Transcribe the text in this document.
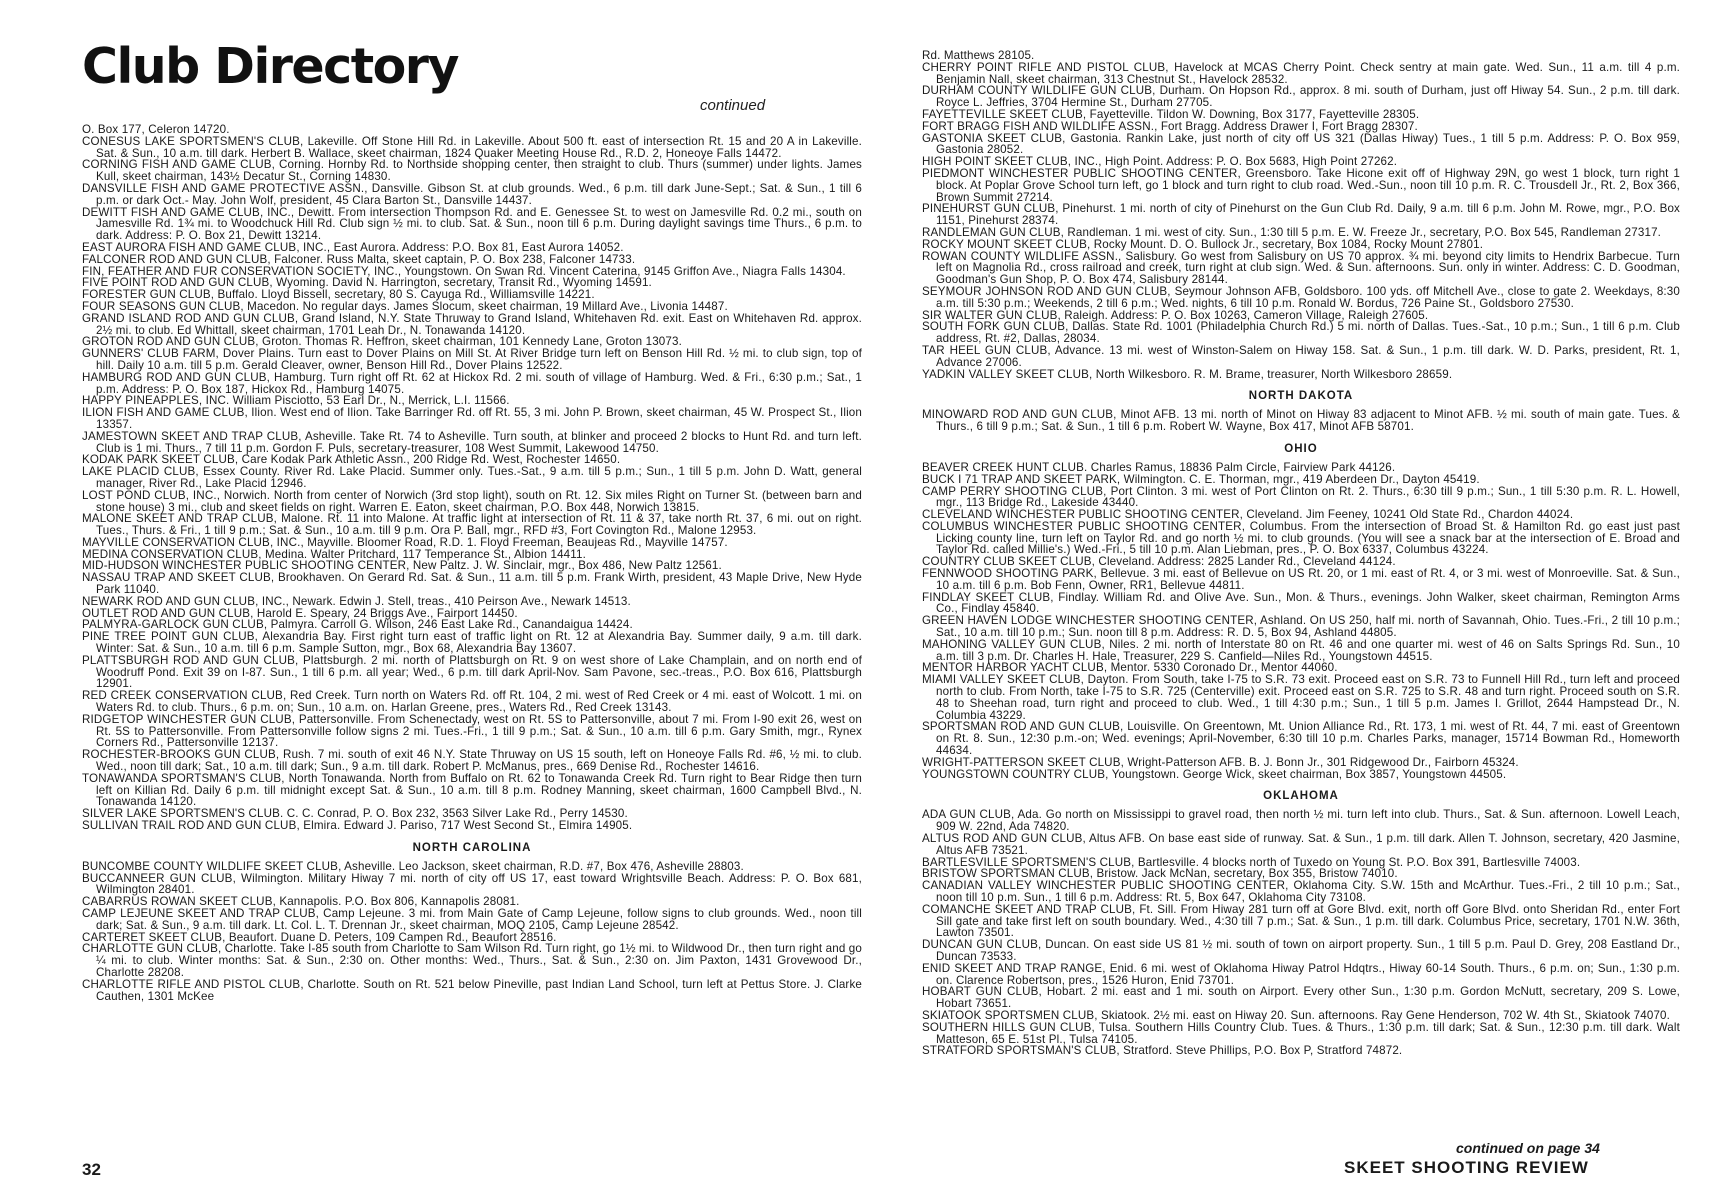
Club Directory
continued
O. Box 177, Celeron 14720.
CONESUS LAKE SPORTSMEN'S CLUB, Lakeville. Off Stone Hill Rd. in Lakeville. About 500 ft. east of intersection Rt. 15 and 20 A in Lakeville. Sat. & Sun., 10 a.m. till dark. Herbert B. Wallace, skeet chairman, 1824 Quaker Meeting House Rd., R.D. 2, Honeoye Falls 14472.
CORNING FISH AND GAME CLUB, Corning. Hornby Rd. to Northside shopping center, then straight to club. Thurs (summer) under lights. James Kull, skeet chairman, 143½ Decatur St., Corning 14830.
DANSVILLE FISH AND GAME PROTECTIVE ASSN., Dansville. Gibson St. at club grounds. Wed., 6 p.m. till dark June-Sept.; Sat. & Sun., 1 till 6 p.m. or dark Oct.- May. John Wolf, president, 45 Clara Barton St., Dansville 14437.
DEWITT FISH AND GAME CLUB, INC., Dewitt. From intersection Thompson Rd. and E. Genessee St. to west on Jamesville Rd. 0.2 mi., south on Jamesville Rd. 1¾ mi. to Woodchuck Hill Rd. Club sign ½ mi. to club. Sat. & Sun., noon till 6 p.m. During daylight savings time Thurs., 6 p.m. to dark. Address: P. O. Box 21, Dewitt 13214.
EAST AURORA FISH AND GAME CLUB, INC., East Aurora. Address: P.O. Box 81, East Aurora 14052.
FALCONER ROD AND GUN CLUB, Falconer. Russ Malta, skeet captain, P. O. Box 238, Falconer 14733.
FIN, FEATHER AND FUR CONSERVATION SOCIETY, INC., Youngstown. On Swan Rd. Vincent Caterina, 9145 Griffon Ave., Niagra Falls 14304.
FIVE POINT ROD AND GUN CLUB, Wyoming. David N. Harrington, secretary, Transit Rd., Wyoming 14591.
FORESTER GUN CLUB, Buffalo. Lloyd Bissell, secretary, 80 S. Cayuga Rd., Williamsville 14221.
FOUR SEASONS GUN CLUB, Macedon. No regular days. James Slocum, skeet chairman, 19 Millard Ave., Livonia 14487.
GRAND ISLAND ROD AND GUN CLUB, Grand Island, N.Y. State Thruway to Grand Island, Whitehaven Rd. exit. East on Whitehaven Rd. approx. 2½ mi. to club. Ed Whittall, skeet chairman, 1701 Leah Dr., N. Tonawanda 14120.
GROTON ROD AND GUN CLUB, Groton. Thomas R. Heffron, skeet chairman, 101 Kennedy Lane, Groton 13073.
GUNNERS' CLUB FARM, Dover Plains. Turn east to Dover Plains on Mill St. At River Bridge turn left on Benson Hill Rd. ½ mi. to club sign, top of hill. Daily 10 a.m. till 5 p.m. Gerald Cleaver, owner, Benson Hill Rd., Dover Plains 12522.
HAMBURG ROD AND GUN CLUB, Hamburg. Turn right off Rt. 62 at Hickox Rd. 2 mi. south of village of Hamburg. Wed. & Fri., 6:30 p.m.; Sat., 1 p.m. Address: P. O. Box 187, Hickox Rd., Hamburg 14075.
HAPPY PINEAPPLES, INC. William Pisciotto, 53 Earl Dr., N., Merrick, L.I. 11566.
ILION FISH AND GAME CLUB, Ilion. West end of Ilion. Take Barringer Rd. off Rt. 55, 3 mi. John P. Brown, skeet chairman, 45 W. Prospect St., Ilion 13357.
JAMESTOWN SKEET AND TRAP CLUB, Asheville. Take Rt. 74 to Asheville. Turn south, at blinker and proceed 2 blocks to Hunt Rd. and turn left. Club is 1 mi. Thurs., 7 till 11 p.m. Gordon F. Puls, secretary-treasurer, 108 West Summit, Lakewood 14750.
KODAK PARK SKEET CLUB, Care Kodak Park Athletic Assn., 200 Ridge Rd. West, Rochester 14650.
LAKE PLACID CLUB, Essex County. River Rd. Lake Placid. Summer only. Tues.-Sat., 9 a.m. till 5 p.m.; Sun., 1 till 5 p.m. John D. Watt, general manager, River Rd., Lake Placid 12946.
LOST POND CLUB, INC., Norwich. North from center of Norwich (3rd stop light), south on Rt. 12. Six miles Right on Turner St. (between barn and stone house) 3 mi., club and skeet fields on right. Warren E. Eaton, skeet chairman, P.O. Box 448, Norwich 13815.
MALONE SKEET AND TRAP CLUB, Malone. Rt. 11 into Malone. At traffic light at intersection of Rt. 11 & 37, take north Rt. 37, 6 mi. out on right. Tues., Thurs. & Fri., 1 till 9 p.m.; Sat. & Sun., 10 a.m. till 9 p.m. Ora P. Ball, mgr., RFD #3, Fort Covington Rd., Malone 12953.
MAYVILLE CONSERVATION CLUB, INC., Mayville. Bloomer Road, R.D. 1. Floyd Freeman, Beaujeas Rd., Mayville 14757.
MEDINA CONSERVATION CLUB, Medina. Walter Pritchard, 117 Temperance St., Albion 14411.
MID-HUDSON WINCHESTER PUBLIC SHOOTING CENTER, New Paltz. J. W. Sinclair, mgr., Box 486, New Paltz 12561.
NASSAU TRAP AND SKEET CLUB, Brookhaven. On Gerard Rd. Sat. & Sun., 11 a.m. till 5 p.m. Frank Wirth, president, 43 Maple Drive, New Hyde Park 11040.
NEWARK ROD AND GUN CLUB, INC., Newark. Edwin J. Stell, treas., 410 Peirson Ave., Newark 14513.
OUTLET ROD AND GUN CLUB, Harold E. Speary, 24 Briggs Ave., Fairport 14450.
PALMYRA-GARLOCK GUN CLUB, Palmyra. Carroll G. Wilson, 246 East Lake Rd., Canandaigua 14424.
PINE TREE POINT GUN CLUB, Alexandria Bay. First right turn east of traffic light on Rt. 12 at Alexandria Bay. Summer daily, 9 a.m. till dark. Winter: Sat. & Sun., 10 a.m. till 6 p.m. Sample Sutton, mgr., Box 68, Alexandria Bay 13607.
PLATTSBURGH ROD AND GUN CLUB, Plattsburgh. 2 mi. north of Plattsburgh on Rt. 9 on west shore of Lake Champlain, and on north end of Woodruff Pond. Exit 39 on I-87. Sun., 1 till 6 p.m. all year; Wed., 6 p.m. till dark April-Nov. Sam Pavone, sec.-treas., P.O. Box 616, Plattsburgh 12901.
RED CREEK CONSERVATION CLUB, Red Creek. Turn north on Waters Rd. off Rt. 104, 2 mi. west of Red Creek or 4 mi. east of Wolcott. 1 mi. on Waters Rd. to club. Thurs., 6 p.m. on; Sun., 10 a.m. on. Harlan Greene, pres., Waters Rd., Red Creek 13143.
RIDGETOP WINCHESTER GUN CLUB, Pattersonville. From Schenectady, west on Rt. 5S to Pattersonville, about 7 mi. From I-90 exit 26, west on Rt. 5S to Pattersonville. From Pattersonville follow signs 2 mi. Tues.-Fri., 1 till 9 p.m.; Sat. & Sun., 10 a.m. till 6 p.m. Gary Smith, mgr., Rynex Corners Rd., Pattersonville 12137.
ROCHESTER-BROOKS GUN CLUB, Rush. 7 mi. south of exit 46 N.Y. State Thruway on US 15 south, left on Honeoye Falls Rd. #6, ½ mi. to club. Wed., noon till dark; Sat., 10 a.m. till dark; Sun., 9 a.m. till dark. Robert P. McManus, pres., 669 Denise Rd., Rochester 14616.
TONAWANDA SPORTSMAN'S CLUB, North Tonawanda. North from Buffalo on Rt. 62 to Tonawanda Creek Rd. Turn right to Bear Ridge then turn left on Killian Rd. Daily 6 p.m. till midnight except Sat. & Sun., 10 a.m. till 8 p.m. Rodney Manning, skeet chairman, 1600 Campbell Blvd., N. Tonawanda 14120.
SILVER LAKE SPORTSMEN'S CLUB. C. C. Conrad, P. O. Box 232, 3563 Silver Lake Rd., Perry 14530.
SULLIVAN TRAIL ROD AND GUN CLUB, Elmira. Edward J. Pariso, 717 West Second St., Elmira 14905.
NORTH CAROLINA
BUNCOMBE COUNTY WILDLIFE SKEET CLUB, Asheville. Leo Jackson, skeet chairman, R.D. #7, Box 476, Asheville 28803.
BUCCANNEER GUN CLUB, Wilmington. Military Hiway 7 mi. north of city off US 17, east toward Wrightsville Beach. Address: P. O. Box 681, Wilmington 28401.
CABARRUS ROWAN SKEET CLUB, Kannapolis. P.O. Box 806, Kannapolis 28081.
CAMP LEJEUNE SKEET AND TRAP CLUB, Camp Lejeune. 3 mi. from Main Gate of Camp Lejeune, follow signs to club grounds. Wed., noon till dark; Sat. & Sun., 9 a.m. till dark. Lt. Col. L. T. Drennan Jr., skeet chairman, MOQ 2105, Camp Lejeune 28542.
CARTERET SKEET CLUB, Beaufort. Duane D. Peters, 109 Campen Rd., Beaufort 28516.
CHARLOTTE GUN CLUB, Charlotte. Take I-85 south from Charlotte to Sam Wilson Rd. Turn right, go 1½ mi. to Wildwood Dr., then turn right and go ¼ mi. to club. Winter months: Sat. & Sun., 2:30 on. Other months: Wed., Thurs., Sat. & Sun., 2:30 on. Jim Paxton, 1431 Grovewood Dr., Charlotte 28208.
CHARLOTTE RIFLE AND PISTOL CLUB, Charlotte. South on Rt. 521 below Pineville, past Indian Land School, turn left at Pettus Store. J. Clarke Cauthen, 1301 McKee
Rd. Matthews 28105.
CHERRY POINT RIFLE AND PISTOL CLUB, Havelock at MCAS Cherry Point. Check sentry at main gate. Wed. Sun., 11 a.m. till 4 p.m. Benjamin Nall, skeet chairman, 313 Chestnut St., Havelock 28532.
DURHAM COUNTY WILDLIFE GUN CLUB, Durham. On Hopson Rd., approx. 8 mi. south of Durham, just off Hiway 54. Sun., 2 p.m. till dark. Royce L. Jeffries, 3704 Hermine St., Durham 27705.
FAYETTEVILLE SKEET CLUB, Fayetteville. Tildon W. Downing, Box 3177, Fayetteville 28305.
FORT BRAGG FISH AND WILDLIFE ASSN., Fort Bragg. Address Drawer I, Fort Bragg 28307.
GASTONIA SKEET CLUB, Gastonia. Rankin Lake, just north of city off US 321 (Dallas Hiway) Tues., 1 till 5 p.m. Address: P. O. Box 959, Gastonia 28052.
HIGH POINT SKEET CLUB, INC., High Point. Address: P. O. Box 5683, High Point 27262.
PIEDMONT WINCHESTER PUBLIC SHOOTING CENTER, Greensboro. Take Hicone exit off of Highway 29N, go west 1 block, turn right 1 block. At Poplar Grove School turn left, go 1 block and turn right to club road. Wed.-Sun., noon till 10 p.m. R. C. Trousdell Jr., Rt. 2, Box 366, Brown Summit 27214.
PINEHURST GUN CLUB, Pinehurst. 1 mi. north of city of Pinehurst on the Gun Club Rd. Daily, 9 a.m. till 6 p.m. John M. Rowe, mgr., P.O. Box 1151, Pinehurst 28374.
RANDLEMAN GUN CLUB, Randleman. 1 mi. west of city. Sun., 1:30 till 5 p.m. E. W. Freeze Jr., secretary, P.O. Box 545, Randleman 27317.
ROCKY MOUNT SKEET CLUB, Rocky Mount. D. O. Bullock Jr., secretary, Box 1084, Rocky Mount 27801.
ROWAN COUNTY WILDLIFE ASSN., Salisbury. Go west from Salisbury on US 70 approx. ¾ mi. beyond city limits to Hendrix Barbecue. Turn left on Magnolia Rd., cross railroad and creek, turn right at club sign. Wed. & Sun. afternoons. Sun. only in winter. Address: C. D. Goodman, Goodman's Gun Shop, P. O. Box 474, Salisbury 28144.
SEYMOUR JOHNSON ROD AND GUN CLUB, Seymour Johnson AFB, Goldsboro. 100 yds. off Mitchell Ave., close to gate 2. Weekdays, 8:30 a.m. till 5:30 p.m.; Weekends, 2 till 6 p.m.; Wed. nights, 6 till 10 p.m. Ronald W. Bordus, 726 Paine St., Goldsboro 27530.
SIR WALTER GUN CLUB, Raleigh. Address: P. O. Box 10263, Cameron Village, Raleigh 27605.
SOUTH FORK GUN CLUB, Dallas. State Rd. 1001 (Philadelphia Church Rd.) 5 mi. north of Dallas. Tues.-Sat., 10 p.m.; Sun., 1 till 6 p.m. Club address, Rt. #2, Dallas, 28034.
TAR HEEL GUN CLUB, Advance. 13 mi. west of Winston-Salem on Hiway 158. Sat. & Sun., 1 p.m. till dark. W. D. Parks, president, Rt. 1, Advance 27006.
YADKIN VALLEY SKEET CLUB, North Wilkesboro. R. M. Brame, treasurer, North Wilkesboro 28659.
NORTH DAKOTA
MINOWARD ROD AND GUN CLUB, Minot AFB. 13 mi. north of Minot on Hiway 83 adjacent to Minot AFB. ½ mi. south of main gate. Tues. & Thurs., 6 till 9 p.m.; Sat. & Sun., 1 till 6 p.m. Robert W. Wayne, Box 417, Minot AFB 58701.
OHIO
BEAVER CREEK HUNT CLUB. Charles Ramus, 18836 Palm Circle, Fairview Park 44126.
BUCK I 71 TRAP AND SKEET PARK, Wilmington. C. E. Thorman, mgr., 419 Aberdeen Dr., Dayton 45419.
CAMP PERRY SHOOTING CLUB, Port Clinton. 3 mi. west of Port Clinton on Rt. 2. Thurs., 6:30 till 9 p.m.; Sun., 1 till 5:30 p.m. R. L. Howell, mgr., 113 Bridge Rd., Lakeside 43440.
CLEVELAND WINCHESTER PUBLIC SHOOTING CENTER, Cleveland. Jim Feeney, 10241 Old State Rd., Chardon 44024.
COLUMBUS WINCHESTER PUBLIC SHOOTING CENTER, Columbus. From the intersection of Broad St. & Hamilton Rd. go east just past Licking county line, turn left on Taylor Rd. and go north ½ mi. to club grounds. (You will see a snack bar at the intersection of E. Broad and Taylor Rd. called Millie's.) Wed.-Fri., 5 till 10 p.m. Alan Liebman, pres., P. O. Box 6337, Columbus 43224.
COUNTRY CLUB SKEET CLUB, Cleveland. Address: 2825 Lander Rd., Cleveland 44124.
FENNWOOD SHOOTING PARK, Bellevue. 3 mi. east of Bellevue on US Rt. 20, or 1 mi. east of Rt. 4, or 3 mi. west of Monroeville. Sat. & Sun., 10 a.m. till 6 p.m. Bob Fenn, Owner, RR1, Bellevue 44811.
FINDLAY SKEET CLUB, Findlay. William Rd. and Olive Ave. Sun., Mon. & Thurs., evenings. John Walker, skeet chairman, Remington Arms Co., Findlay 45840.
GREEN HAVEN LODGE WINCHESTER SHOOTING CENTER, Ashland. On US 250, half mi. north of Savannah, Ohio. Tues.-Fri., 2 till 10 p.m.; Sat., 10 a.m. till 10 p.m.; Sun. noon till 8 p.m. Address: R. D. 5, Box 94, Ashland 44805.
MAHONING VALLEY GUN CLUB, Niles. 2 mi. north of Interstate 80 on Rt. 46 and one quarter mi. west of 46 on Salts Springs Rd. Sun., 10 a.m. till 3 p.m. Dr. Charles H. Hale, Treasurer, 229 S. Canfield—Niles Rd., Youngstown 44515.
MENTOR HARBOR YACHT CLUB, Mentor. 5330 Coronado Dr., Mentor 44060.
MIAMI VALLEY SKEET CLUB, Dayton. From South, take I-75 to S.R. 73 exit. Proceed east on S.R. 73 to Funnell Hill Rd., turn left and proceed north to club. From North, take I-75 to S.R. 725 (Centerville) exit. Proceed east on S.R. 725 to S.R. 48 and turn right. Proceed south on S.R. 48 to Sheehan road, turn right and proceed to club. Wed., 1 till 4:30 p.m.; Sun., 1 till 5 p.m. James I. Grillot, 2644 Hampstead Dr., N. Columbia 43229.
SPORTSMAN ROD AND GUN CLUB, Louisville. On Greentown, Mt. Union Alliance Rd., Rt. 173, 1 mi. west of Rt. 44, 7 mi. east of Greentown on Rt. 8. Sun., 12:30 p.m.-on; Wed. evenings; April-November, 6:30 till 10 p.m. Charles Parks, manager, 15714 Bowman Rd., Homeworth 44634.
WRIGHT-PATTERSON SKEET CLUB, Wright-Patterson AFB. B. J. Bonn Jr., 301 Ridgewood Dr., Fairborn 45324.
YOUNGSTOWN COUNTRY CLUB, Youngstown. George Wick, skeet chairman, Box 3857, Youngstown 44505.
OKLAHOMA
ADA GUN CLUB, Ada. Go north on Mississippi to gravel road, then north ½ mi. turn left into club. Thurs., Sat. & Sun. afternoon. Lowell Leach, 909 W. 22nd, Ada 74820.
ALTUS ROD AND GUN CLUB, Altus AFB. On base east side of runway. Sat. & Sun., 1 p.m. till dark. Allen T. Johnson, secretary, 420 Jasmine, Altus AFB 73521.
BARTLESVILLE SPORTSMEN'S CLUB, Bartlesville. 4 blocks north of Tuxedo on Young St. P.O. Box 391, Bartlesville 74003.
BRISTOW SPORTSMAN CLUB, Bristow. Jack McNan, secretary, Box 355, Bristow 74010.
CANADIAN VALLEY WINCHESTER PUBLIC SHOOTING CENTER, Oklahoma City. S.W. 15th and McArthur. Tues.-Fri., 2 till 10 p.m.; Sat., noon till 10 p.m. Sun., 1 till 6 p.m. Address: Rt. 5, Box 647, Oklahoma City 73108.
COMANCHE SKEET AND TRAP CLUB, Ft. Sill. From Hiway 281 turn off at Gore Blvd. exit, north off Gore Blvd. onto Sheridan Rd., enter Fort Sill gate and take first left on south boundary. Wed., 4:30 till 7 p.m.; Sat. & Sun., 1 p.m. till dark. Columbus Price, secretary, 1701 N.W. 36th, Lawton 73501.
DUNCAN GUN CLUB, Duncan. On east side US 81 ½ mi. south of town on airport property. Sun., 1 till 5 p.m. Paul D. Grey, 208 Eastland Dr., Duncan 73533.
ENID SKEET AND TRAP RANGE, Enid. 6 mi. west of Oklahoma Hiway Patrol Hdqtrs., Hiway 60-14 South. Thurs., 6 p.m. on; Sun., 1:30 p.m. on. Clarence Robertson, pres., 1526 Huron, Enid 73701.
HOBART GUN CLUB, Hobart. 2 mi. east and 1 mi. south on Airport. Every other Sun., 1:30 p.m. Gordon McNutt, secretary, 209 S. Lowe, Hobart 73651.
SKIATOOK SPORTSMEN CLUB, Skiatook. 2½ mi. east on Hiway 20. Sun. afternoons. Ray Gene Henderson, 702 W. 4th St., Skiatook 74070.
SOUTHERN HILLS GUN CLUB, Tulsa. Southern Hills Country Club. Tues. & Thurs., 1:30 p.m. till dark; Sat. & Sun., 12:30 p.m. till dark. Walt Matteson, 65 E. 51st Pl., Tulsa 74105.
STRATFORD SPORTSMAN'S CLUB, Stratford. Steve Phillips, P.O. Box P, Stratford 74872.
continued on page 34
32	SKEET SHOOTING REVIEW
